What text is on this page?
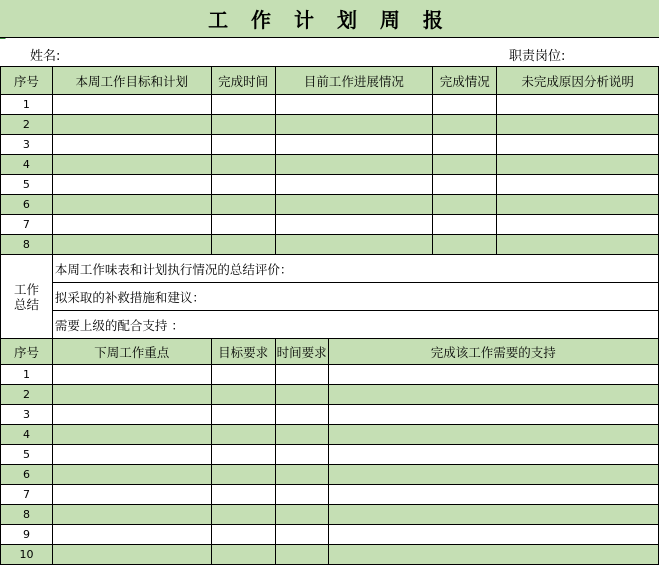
工 作 计 划 周 报
姓名:	职责岗位:
序号	本周工作目标和计划	完成时间	目前工作进展情况	完成情况	未完成原因分析说明
1					
2					
3					
4					
5					
6					
7					
8					
工作
总结	本周工作味表和计划执行情况的总结评价：
拟采取的补救措施和建议：
需要上级的配合支持 ：
序号	下周工作重点	目标要求	时间要求	完成该工作需要的支持
1				
2				
3				
4				
5				
6				
7				
8				
9				
10				
